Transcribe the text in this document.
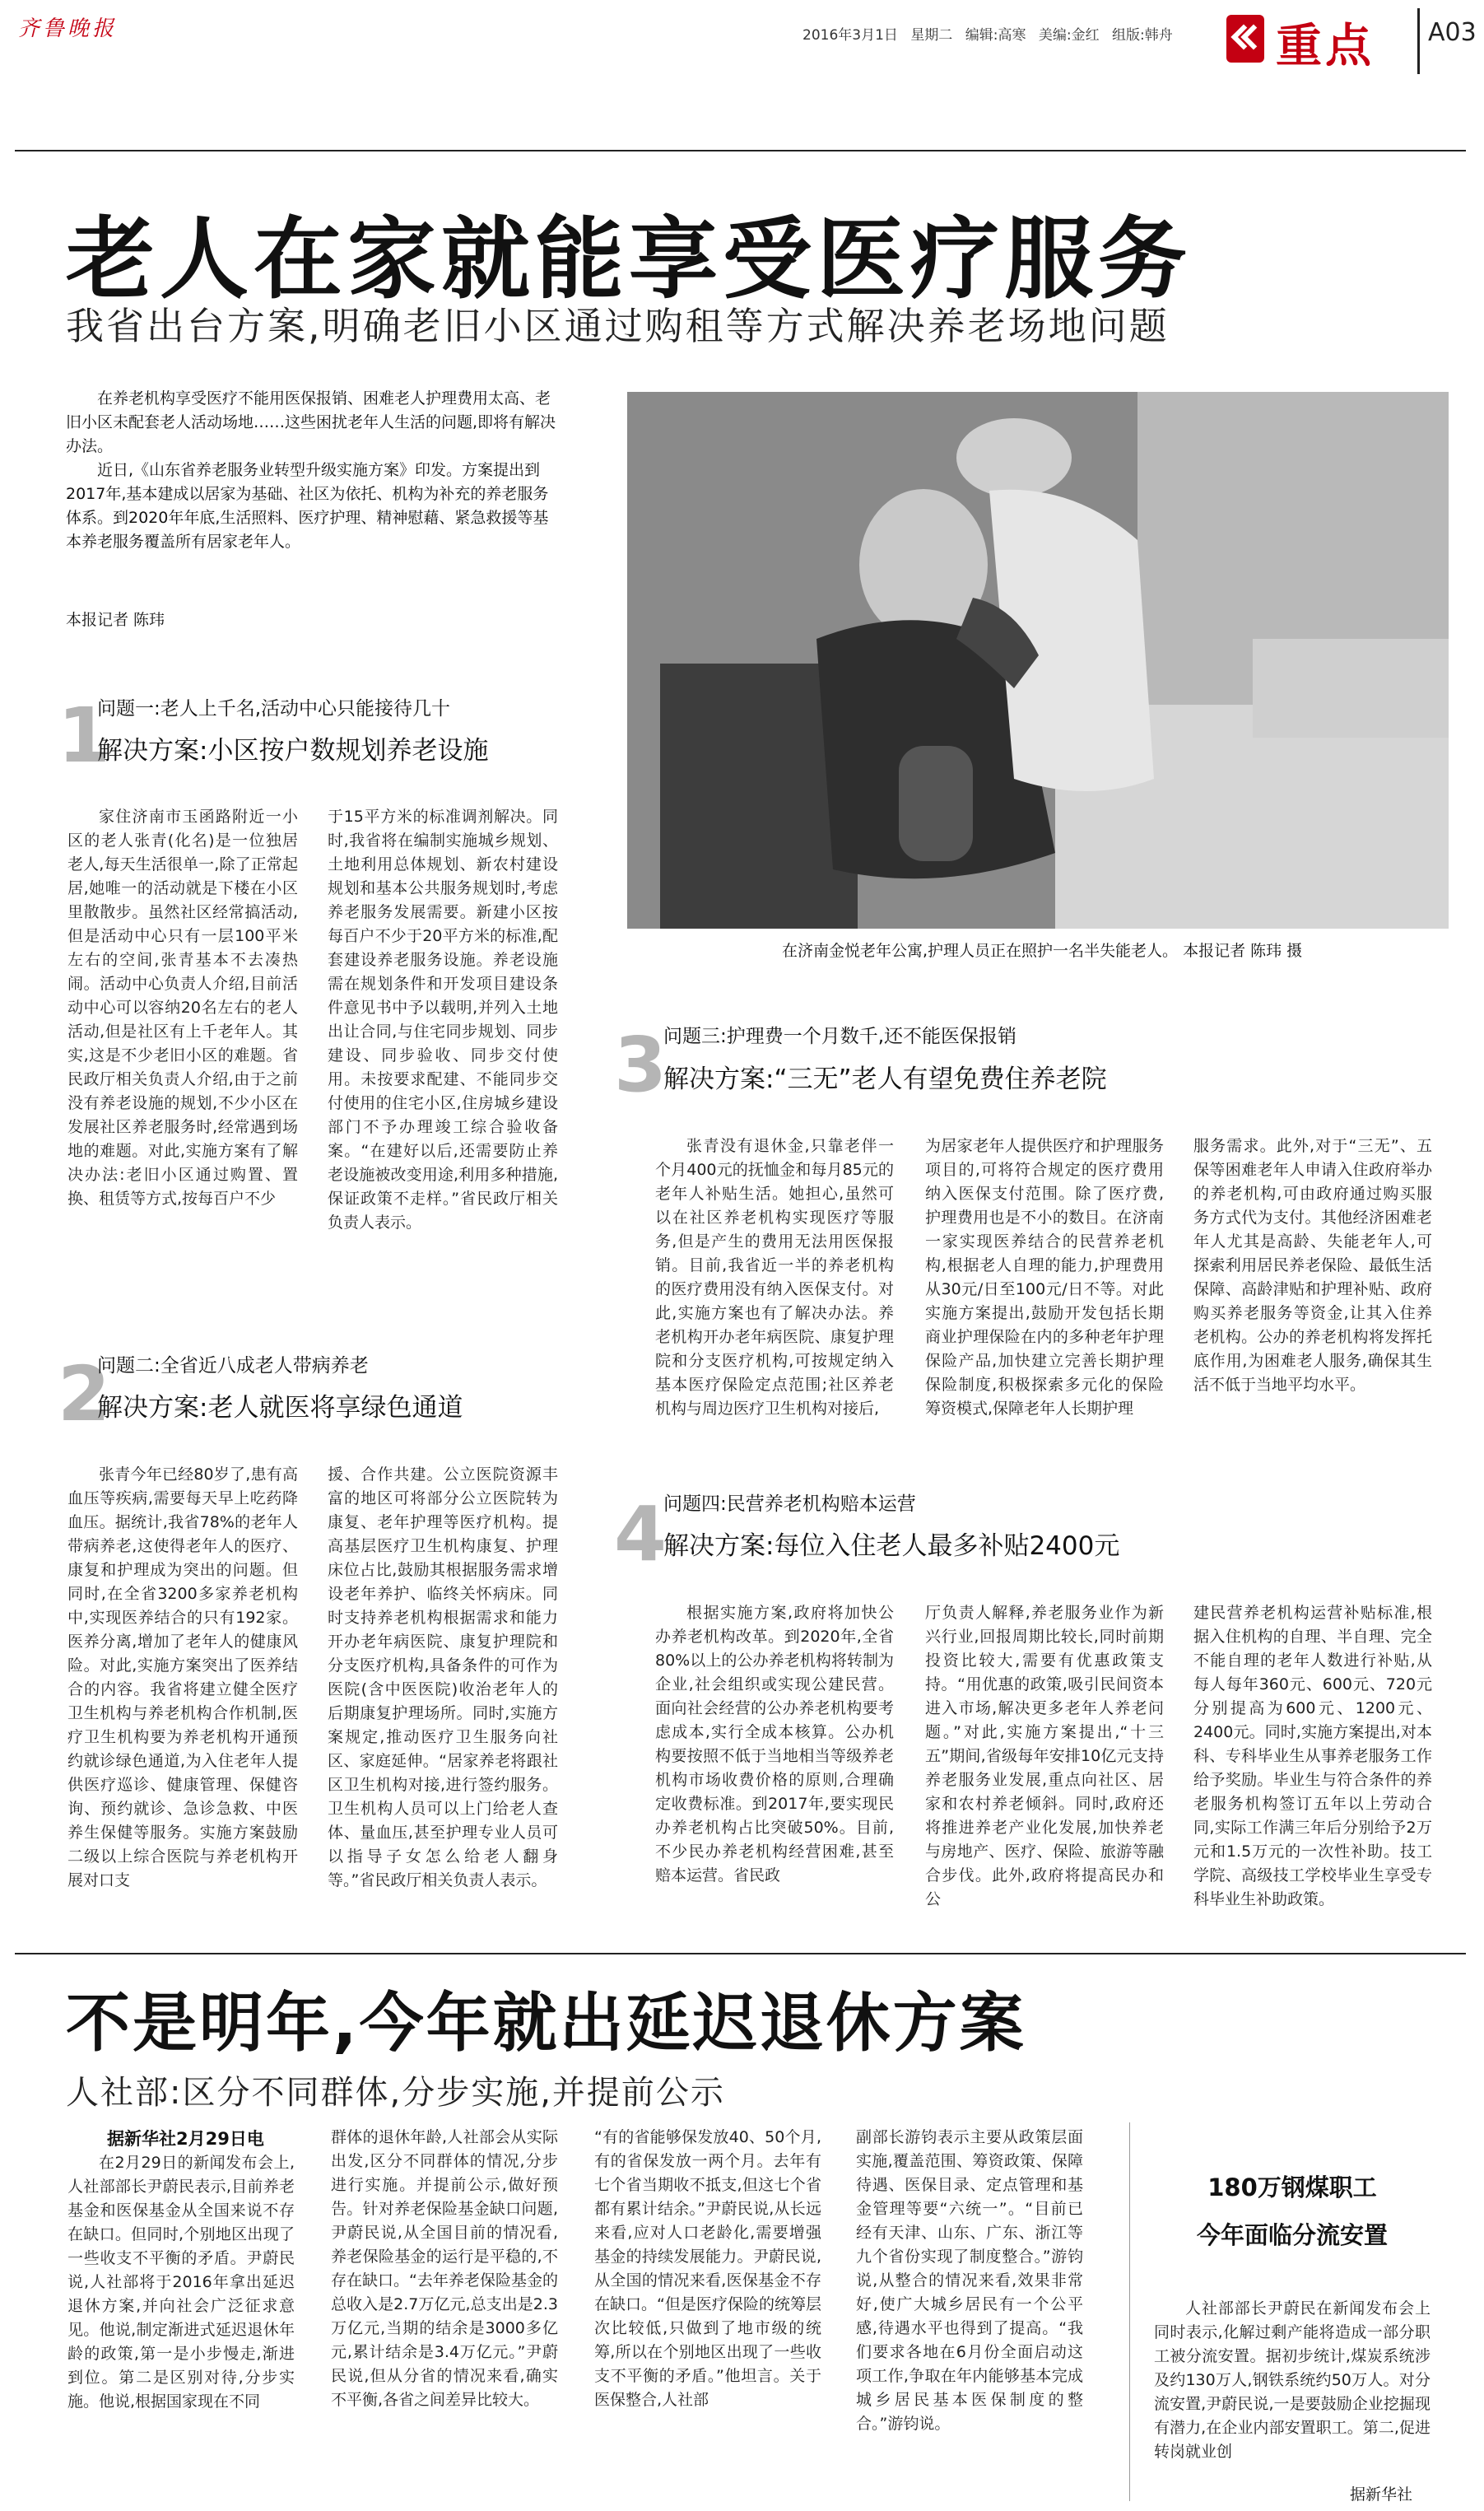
齐鲁晚报	2016年3月1日 星期二 编辑:高寒 美编:金红 组版:韩舟 重点 A03
老人在家就能享受医疗服务
我省出台方案,明确老旧小区通过购租等方式解决养老场地问题

在养老机构享受医疗不能用医保报销、困难老人护理费用太高、老旧小区未配套老人活动场地……这些困扰老年人生活的问题,即将有解决办法。

近日,《山东省养老服务业转型升级实施方案》印发。方案提出到2017年,基本建成以居家为基础、社区为依托、机构为补充的养老服务体系。到2020年年底,生活照料、医疗护理、精神慰藉、紧急救援等基本养老服务覆盖所有居家老年人。

本报记者 陈玮
在济南金悦老年公寓,护理人员正在照护一名半失能老人。 本报记者 陈玮 摄
1
问题一:老人上千名,活动中心只能接待几十
解决方案:小区按户数规划养老设施
家住济南市玉函路附近一小区的老人张青(化名)是一位独居老人,每天生活很单一,除了正常起居,她唯一的活动就是下楼在小区里散散步。虽然社区经常搞活动,但是活动中心只有一层100平米左右的空间,张青基本不去凑热闹。活动中心负责人介绍,目前活动中心可以容纳20名左右的老人活动,但是社区有上千老年人。其实,这是不少老旧小区的难题。省民政厅相关负责人介绍,由于之前没有养老设施的规划,不少小区在发展社区养老服务时,经常遇到场地的难题。对此,实施方案有了解决办法:老旧小区通过购置、置换、租赁等方式,按每百户不少
于15平方米的标准调剂解决。同时,我省将在编制实施城乡规划、土地利用总体规划、新农村建设规划和基本公共服务规划时,考虑养老服务发展需要。新建小区按每百户不少于20平方米的标准,配套建设养老服务设施。养老设施需在规划条件和开发项目建设条件意见书中予以载明,并列入土地出让合同,与住宅同步规划、同步建设、同步验收、同步交付使用。未按要求配建、不能同步交付使用的住宅小区,住房城乡建设部门不予办理竣工综合验收备案。“在建好以后,还需要防止养老设施被改变用途,利用多种措施,保证政策不走样。”省民政厅相关负责人表示。
2
问题二:全省近八成老人带病养老
解决方案:老人就医将享绿色通道
张青今年已经80岁了,患有高血压等疾病,需要每天早上吃药降血压。据统计,我省78%的老年人带病养老,这使得老年人的医疗、康复和护理成为突出的问题。但同时,在全省3200多家养老机构中,实现医养结合的只有192家。医养分离,增加了老年人的健康风险。对此,实施方案突出了医养结合的内容。我省将建立健全医疗卫生机构与养老机构合作机制,医疗卫生机构要为养老机构开通预约就诊绿色通道,为入住老年人提供医疗巡诊、健康管理、保健咨询、预约就诊、急诊急救、中医养生保健等服务。实施方案鼓励二级以上综合医院与养老机构开展对口支
援、合作共建。公立医院资源丰富的地区可将部分公立医院转为康复、老年护理等医疗机构。提高基层医疗卫生机构康复、护理床位占比,鼓励其根据服务需求增设老年养护、临终关怀病床。同时支持养老机构根据需求和能力开办老年病医院、康复护理院和分支医疗机构,具备条件的可作为医院(含中医医院)收治老年人的后期康复护理场所。同时,实施方案规定,推动医疗卫生服务向社区、家庭延伸。“居家养老将跟社区卫生机构对接,进行签约服务。卫生机构人员可以上门给老人查体、量血压,甚至护理专业人员可以指导子女怎么给老人翻身等。”省民政厅相关负责人表示。
3
问题三:护理费一个月数千,还不能医保报销
解决方案:“三无”老人有望免费住养老院
张青没有退休金,只靠老伴一个月400元的抚恤金和每月85元的老年人补贴生活。她担心,虽然可以在社区养老机构实现医疗等服务,但是产生的费用无法用医保报销。目前,我省近一半的养老机构的医疗费用没有纳入医保支付。对此,实施方案也有了解决办法。养老机构开办老年病医院、康复护理院和分支医疗机构,可按规定纳入基本医疗保险定点范围;社区养老机构与周边医疗卫生机构对接后,
为居家老年人提供医疗和护理服务项目的,可将符合规定的医疗费用纳入医保支付范围。除了医疗费,护理费用也是不小的数目。在济南一家实现医养结合的民营养老机构,根据老人自理的能力,护理费用从30元/日至100元/日不等。对此实施方案提出,鼓励开发包括长期商业护理保险在内的多种老年护理保险产品,加快建立完善长期护理保险制度,积极探索多元化的保险筹资模式,保障老年人长期护理
服务需求。此外,对于“三无”、五保等困难老年人申请入住政府举办的养老机构,可由政府通过购买服务方式代为支付。其他经济困难老年人尤其是高龄、失能老年人,可探索利用居民养老保险、最低生活保障、高龄津贴和护理补贴、政府购买养老服务等资金,让其入住养老机构。公办的养老机构将发挥托底作用,为困难老人服务,确保其生活不低于当地平均水平。
4
问题四:民营养老机构赔本运营
解决方案:每位入住老人最多补贴2400元
根据实施方案,政府将加快公办养老机构改革。到2020年,全省80%以上的公办养老机构将转制为企业,社会组织或实现公建民营。面向社会经营的公办养老机构要考虑成本,实行全成本核算。公办机构要按照不低于当地相当等级养老机构市场收费价格的原则,合理确定收费标准。到2017年,要实现民办养老机构占比突破50%。目前,不少民办养老机构经营困难,甚至赔本运营。省民政
厅负责人解释,养老服务业作为新兴行业,回报周期比较长,同时前期投资比较大,需要有优惠政策支持。“用优惠的政策,吸引民间资本进入市场,解决更多老年人养老问题。”对此,实施方案提出,“十三五”期间,省级每年安排10亿元支持养老服务业发展,重点向社区、居家和农村养老倾斜。同时,政府还将推进养老产业化发展,加快养老与房地产、医疗、保险、旅游等融合步伐。此外,政府将提高民办和公
建民营养老机构运营补贴标准,根据入住机构的自理、半自理、完全不能自理的老年人数进行补贴,从每人每年360元、600元、720元分别提高为600元、1200元、2400元。同时,实施方案提出,对本科、专科毕业生从事养老服务工作给予奖励。毕业生与符合条件的养老服务机构签订五年以上劳动合同,实际工作满三年后分别给予2万元和1.5万元的一次性补助。技工学院、高级技工学校毕业生享受专科毕业生补助政策。
不是明年,今年就出延迟退休方案
人社部:区分不同群体,分步实施,并提前公示
据新华社2月29日电
在2月29日的新闻发布会上,人社部部长尹蔚民表示,目前养老基金和医保基金从全国来说不存在缺口。但同时,个别地区出现了一些收支不平衡的矛盾。尹蔚民说,人社部将于2016年拿出延迟退休方案,并向社会广泛征求意见。他说,制定渐进式延迟退休年龄的政策,第一是小步慢走,渐进到位。第二是区别对待,分步实施。他说,根据国家现在不同
群体的退休年龄,人社部会从实际出发,区分不同群体的情况,分步进行实施。并提前公示,做好预告。针对养老保险基金缺口问题,尹蔚民说,从全国目前的情况看,养老保险基金的运行是平稳的,不存在缺口。“去年养老保险基金的总收入是2.7万亿元,总支出是2.3万亿元,当期的结余是3000多亿元,累计结余是3.4万亿元。”尹蔚民说,但从分省的情况来看,确实不平衡,各省之间差异比较大。
“有的省能够保发放40、50个月,有的省保发放一两个月。去年有七个省当期收不抵支,但这七个省都有累计结余。”尹蔚民说,从长远来看,应对人口老龄化,需要增强基金的持续发展能力。尹蔚民说,从全国的情况来看,医保基金不存在缺口。“但是医疗保险的统筹层次比较低,只做到了地市级的统筹,所以在个别地区出现了一些收支不平衡的矛盾。”他坦言。关于医保整合,人社部
副部长游钧表示主要从政策层面实施,覆盖范围、筹资政策、保障待遇、医保目录、定点管理和基金管理等要“六统一”。“目前已经有天津、山东、广东、浙江等九个省份实现了制度整合。”游钧说,从整合的情况来看,效果非常好,使广大城乡居民有一个公平感,待遇水平也得到了提高。“我们要求各地在6月份全面启动这项工作,争取在年内能够基本完成城乡居民基本医保制度的整合。”游钧说。
180万钢煤职工
今年面临分流安置
人社部部长尹蔚民在新闻发布会上同时表示,化解过剩产能将造成一部分职工被分流安置。据初步统计,煤炭系统涉及约130万人,钢铁系统约50万人。对分流安置,尹蔚民说,一是要鼓励企业挖掘现有潜力,在企业内部安置职工。第二,促进转岗就业创
据新华社
